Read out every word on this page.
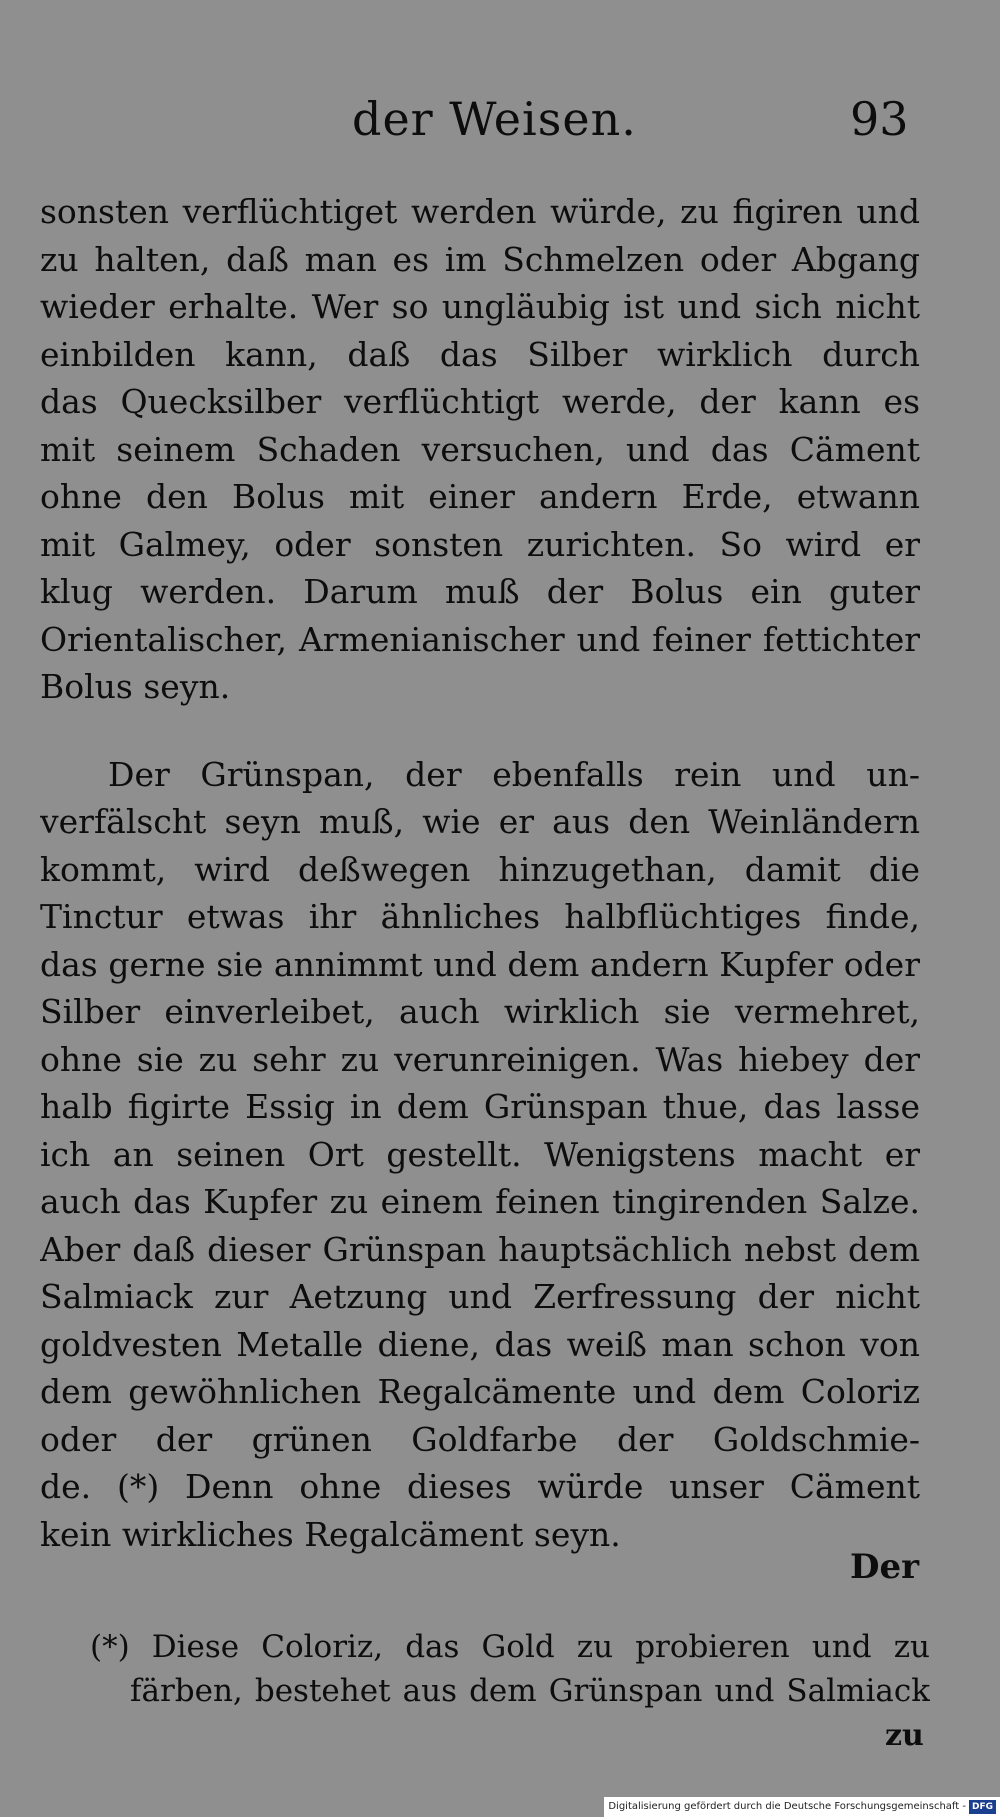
der Weisen.	93
sonsten verflüchtiget werden würde, zu figiren und
zu halten, daß man es im Schmelzen oder Abgang
wieder erhalte. Wer so ungläubig ist und sich nicht
einbilden kann, daß das Silber wirklich durch
das Quecksilber verflüchtigt werde, der kann es
mit seinem Schaden versuchen, und das Cäment
ohne den Bolus mit einer andern Erde, etwann
mit Galmey, oder sonsten zurichten. So wird er
klug werden. Darum muß der Bolus ein guter
Orientalischer, Armenianischer und feiner fettichter
Bolus seyn.
Der Grünspan, der ebenfalls rein und un-
verfälscht seyn muß, wie er aus den Weinländern
kommt, wird deßwegen hinzugethan, damit die
Tinctur etwas ihr ähnliches halbflüchtiges finde,
das gerne sie annimmt und dem andern Kupfer oder
Silber einverleibet, auch wirklich sie vermehret,
ohne sie zu sehr zu verunreinigen. Was hiebey der
halb figirte Essig in dem Grünspan thue, das lasse
ich an seinen Ort gestellt. Wenigstens macht er
auch das Kupfer zu einem feinen tingirenden Salze.
Aber daß dieser Grünspan hauptsächlich nebst dem
Salmiack zur Aetzung und Zerfressung der nicht
goldvesten Metalle diene, das weiß man schon von
dem gewöhnlichen Regalcämente und dem Coloriz
oder der grünen Goldfarbe der Goldschmie-
de. (*) Denn ohne dieses würde unser Cäment
kein wirkliches Regalcäment seyn.
Der
(*) Diese Coloriz, das Gold zu probieren und zu
färben, bestehet aus dem Grünspan und Salmiack
zu
Digitalisierung gefördert durch die Deutsche Forschungsgemeinschaft - DFG
